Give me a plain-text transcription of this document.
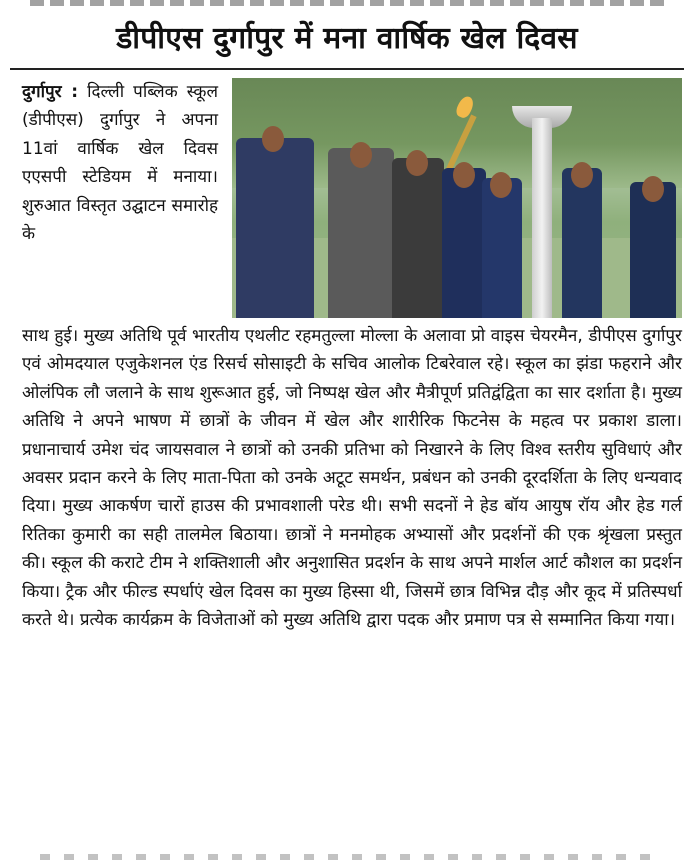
डीपीएस दुर्गापुर में मना वार्षिक खेल दिवस
दुर्गापुर : दिल्ली पब्लिक स्कूल (डीपीएस) दुर्गापुर ने अपना 11वां वार्षिक खेल दिवस एएसपी स्टेडियम में मनाया। शुरुआत विस्तृत उद्घाटन समारोह के
साथ हुई। मुख्य अतिथि पूर्व भारतीय एथलीट रहमतुल्ला मोल्ला के अलावा प्रो वाइस चेयरमैन, डीपीएस दुर्गापुर एवं ओमदयाल एजुकेशनल एंड रिसर्च सोसाइटी के सचिव आलोक टिबरेवाल रहे। स्कूल का झंडा फहराने और ओलंपिक लौ जलाने के साथ शुरूआत हुई, जो निष्पक्ष खेल और मैत्रीपूर्ण प्रतिद्वंद्विता का सार दर्शाता है। मुख्य अतिथि ने अपने भाषण में छात्रों के जीवन में खेल और शारीरिक फिटनेस के महत्व पर प्रकाश डाला। प्रधानाचार्य उमेश चंद जायसवाल ने छात्रों को उनकी प्रतिभा को निखारने के लिए विश्व स्तरीय सुविधाएं और अवसर प्रदान करने के लिए माता-पिता को उनके अटूट समर्थन, प्रबंधन को उनकी दूरदर्शिता के लिए धन्यवाद दिया। मुख्य आकर्षण चारों हाउस की प्रभावशाली परेड थी। सभी सदनों ने हेड बॉय आयुष रॉय और हेड गर्ल रितिका कुमारी का सही तालमेल बिठाया। छात्रों ने मनमोहक अभ्यासों और प्रदर्शनों की एक श्रृंखला प्रस्तुत की। स्कूल की कराटे टीम ने शक्तिशाली और अनुशासित प्रदर्शन के साथ अपने मार्शल आर्ट कौशल का प्रदर्शन किया। ट्रैक और फील्ड स्पर्धाएं खेल दिवस का मुख्य हिस्सा थी, जिसमें छात्र विभिन्न दौड़ और कूद में प्रतिस्पर्धा करते थे। प्रत्येक कार्यक्रम के विजेताओं को मुख्य अतिथि द्वारा पदक और प्रमाण पत्र से सम्मानित किया गया।
